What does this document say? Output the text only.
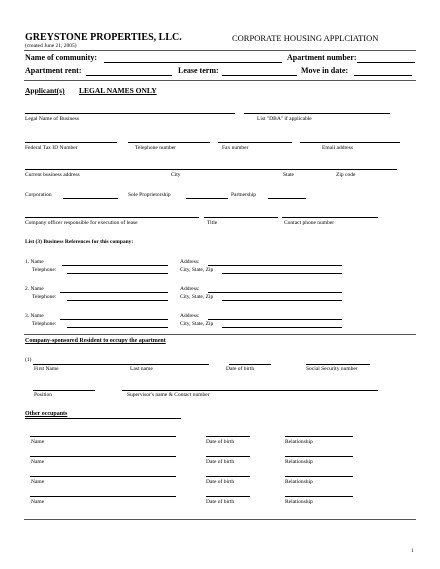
GREYSTONE PROPERTIES, LLC.
(created June 21, 2005)
CORPORATE HOUSING APPLCIATION
Name of community:	Apartment number:
Apartment rent:	Lease term:	Move in date:
Applicant(s) LEGAL NAMES ONLY
Legal Name of Business	List "DBA" if applicable
Federal Tax ID Number	Telephone number	Fax number	Email address
Current business address	City	State	Zip code
Corporation	Sole Proprietorship	Partnership
Company officer responsible for execution of lease	Title	Contact phone number
List (3) Business References for this company:
1. Name
Telephone:
Address:
City, State, Zip
2. Name
Telephone:
Address:
City, State, Zip
3. Name
Telephone:
Address:
City, State, Zip
Company-sponsored Resident to occupy the apartment
(1)
First Name	Last name	Date of birth	Social Security number
Position	Supervisor's name & Contact number
Other occupants
Name	Date of birth	Relationship
Name	Date of birth	Relationship
Name	Date of birth	Relationship
Name	Date of birth	Relationship
1
